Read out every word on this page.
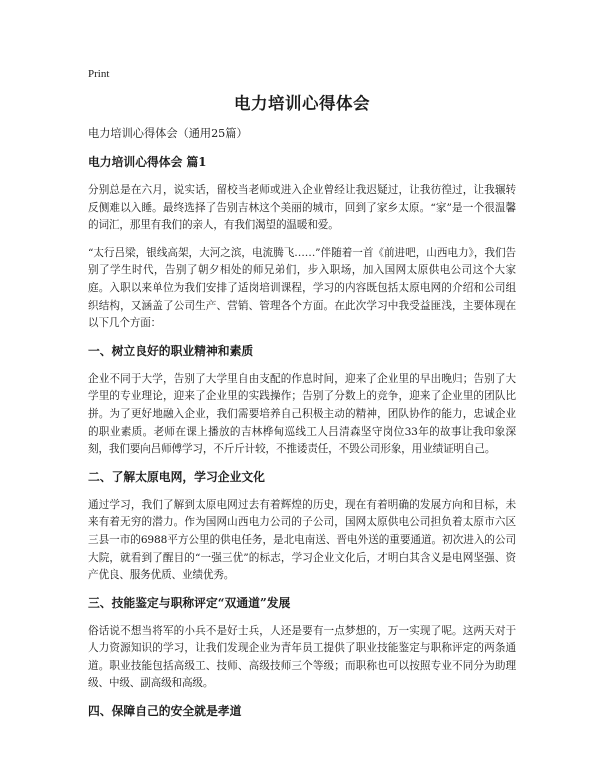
Print
电力培训心得体会
电力培训心得体会（通用25篇）
电力培训心得体会 篇1

分别总是在六月，说实话，留校当老师或进入企业曾经让我迟疑过，让我彷徨过，让我辗转反侧难以入睡。最终选择了告别吉林这个美丽的城市，回到了家乡太原。“家”是一个很温馨的词汇，那里有我们的亲人，有我们渴望的温暖和爱。

“太行吕梁，银线高架，大河之滨，电流腾飞……”伴随着一首《前进吧，山西电力》，我们告别了学生时代，告别了朝夕相处的师兄弟们，步入职场，加入国网太原供电公司这个大家庭。入职以来单位为我们安排了适岗培训课程，学习的内容既包括太原电网的介绍和公司组织结构，又涵盖了公司生产、营销、管理各个方面。在此次学习中我受益匪浅，主要体现在以下几个方面：

一、树立良好的职业精神和素质

企业不同于大学，告别了大学里自由支配的作息时间，迎来了企业里的早出晚归；告别了大学里的专业理论，迎来了企业里的实践操作；告别了分数上的竞争，迎来了企业里的团队比拼。为了更好地融入企业，我们需要培养自己积极主动的精神，团队协作的能力，忠诚企业的职业素质。老师在课上播放的吉林桦甸巡线工人吕清森坚守岗位33年的故事让我印象深刻，我们要向吕师傅学习，不斤斤计较，不推诿责任，不毁公司形象，用业绩证明自己。

二、了解太原电网，学习企业文化

通过学习，我们了解到太原电网过去有着辉煌的历史，现在有着明确的发展方向和目标，未来有着无穷的潜力。作为国网山西电力公司的子公司，国网太原供电公司担负着太原市六区三县一市的6988平方公里的供电任务，是北电南送、晋电外送的重要通道。初次进入的公司大院，就看到了醒目的“一强三优”的标志，学习企业文化后，才明白其含义是电网坚强、资产优良、服务优质、业绩优秀。

三、技能鉴定与职称评定“双通道”发展

俗话说不想当将军的小兵不是好士兵，人还是要有一点梦想的，万一实现了呢。这两天对于人力资源知识的学习，让我们发现企业为青年员工提供了职业技能鉴定与职称评定的两条通道。职业技能包括高级工、技师、高级技师三个等级；而职称也可以按照专业不同分为助理级、中级、副高级和高级。

四、保障自己的安全就是孝道
